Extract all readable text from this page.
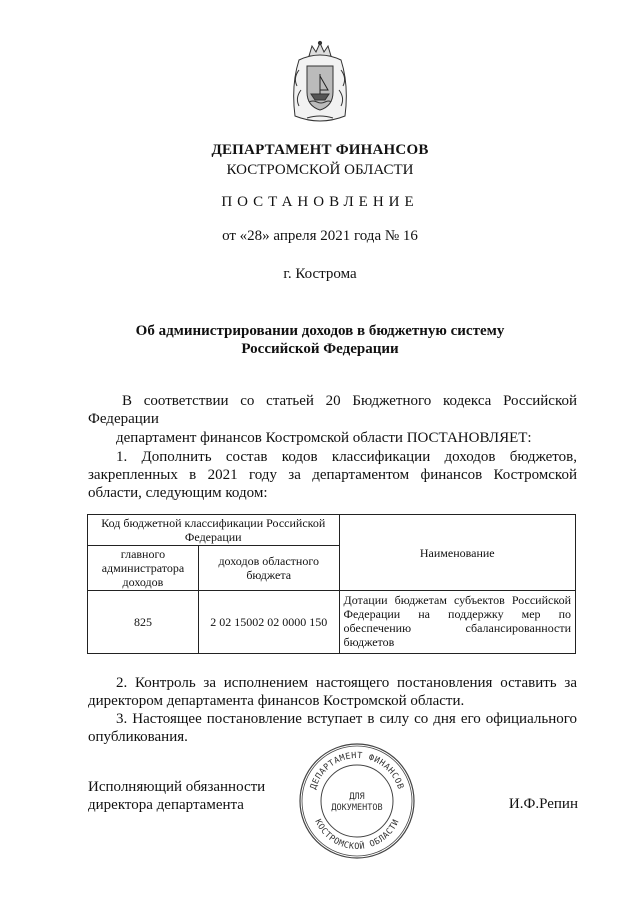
ДЕПАРТАМЕНТ ФИНАНСОВ
КОСТРОМСКОЙ ОБЛАСТИ
ПОСТАНОВЛЕНИЕ
от «28» апреля 2021 года № 16
г. Кострома
Об администрировании доходов в бюджетную систему
Российской Федерации
В соответствии со статьей 20 Бюджетного кодекса Российской Федерации
департамент финансов Костромской области ПОСТАНОВЛЯЕТ:
1. Дополнить состав кодов классификации доходов бюджетов, закрепленных в 2021 году за департаментом финансов Костромской области, следующим кодом:
Код бюджетной классификации Российской Федерации		Наименование
главного администратора доходов	доходов областного бюджета	
825	2 02 15002 02 0000 150	Дотации бюджетам субъектов Российской Федерации на поддержку мер по обеспечению сбалансированности бюджетов
2. Контроль за исполнением настоящего постановления оставить за директором департамента финансов Костромской области.
3. Настоящее постановление вступает в силу со дня его официального опубликования.
Исполняющий обязанности
директора департамента	И.Ф.Репин
ДЕПАРТАМЕНТ ФИНАНСОВ
КОСТРОМСКОЙ ОБЛАСТИ
ДЛЯ
ДОКУМЕНТОВ
